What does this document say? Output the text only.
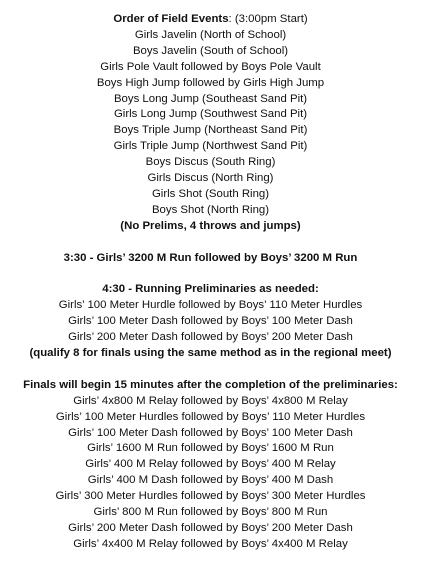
Order of Field Events: (3:00pm Start)
Girls Javelin (North of School)
Boys Javelin (South of School)
Girls Pole Vault followed by Boys Pole Vault
Boys High Jump followed by Girls High Jump
Boys Long Jump (Southeast Sand Pit)
Girls Long Jump (Southwest Sand Pit)
Boys Triple Jump (Northeast Sand Pit)
Girls Triple Jump (Northwest Sand Pit)
Boys Discus (South Ring)
Girls Discus (North Ring)
Girls Shot (South Ring)
Boys Shot (North Ring)
(No Prelims, 4 throws and jumps)
3:30 - Girls’ 3200 M Run followed by Boys’ 3200 M Run
4:30 - Running Preliminaries as needed:
Girls’ 100 Meter Hurdle followed by Boys’ 110 Meter Hurdles
Girls’ 100 Meter Dash followed by Boys’ 100 Meter Dash
Girls’ 200 Meter Dash followed by Boys’ 200 Meter Dash
(qualify 8 for finals using the same method as in the regional meet)
Finals will begin 15 minutes after the completion of the preliminaries:
Girls’ 4x800 M Relay followed by Boys’ 4x800 M Relay
Girls’ 100 Meter Hurdles followed by Boys’ 110 Meter Hurdles
Girls’ 100 Meter Dash followed by Boys’ 100 Meter Dash
Girls’ 1600 M Run followed by Boys’ 1600 M Run
Girls’ 400 M Relay followed by Boys’ 400 M Relay
Girls’ 400 M Dash followed by Boys’ 400 M Dash
Girls’ 300 Meter Hurdles followed by Boys’ 300 Meter Hurdles
Girls’ 800 M Run followed by Boys’ 800 M Run
Girls’ 200 Meter Dash followed by Boys’ 200 Meter Dash
Girls’ 4x400 M Relay followed by Boys’ 4x400 M Relay
